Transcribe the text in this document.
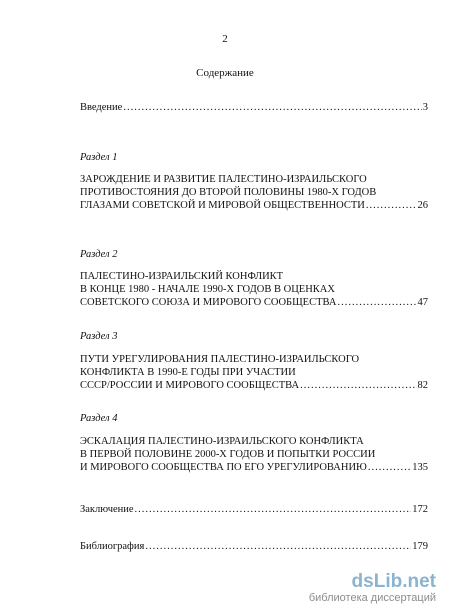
2
Содержание
Введение .....	3
Раздел 1
ЗАРОЖДЕНИЕ И РАЗВИТИЕ ПАЛЕСТИНО-ИЗРАИЛЬСКОГО
ПРОТИВОСТОЯНИЯ ДО ВТОРОЙ ПОЛОВИНЫ 1980-Х ГОДОВ
ГЛАЗАМИ СОВЕТСКОЙ И МИРОВОЙ ОБЩЕСТВЕННОСТИ .....	26
Раздел 2
ПАЛЕСТИНО-ИЗРАИЛЬСКИЙ КОНФЛИКТ
В КОНЦЕ 1980 - НАЧАЛЕ 1990-Х ГОДОВ В ОЦЕНКАХ
СОВЕТСКОГО СОЮЗА И МИРОВОГО СООБЩЕСТВА .....	47
Раздел 3
ПУТИ УРЕГУЛИРОВАНИЯ ПАЛЕСТИНО-ИЗРАИЛЬСКОГО
КОНФЛИКТА В 1990-Е ГОДЫ ПРИ УЧАСТИИ
СССР/РОССИИ И МИРОВОГО СООБЩЕСТВА .....	82
Раздел 4
ЭСКАЛАЦИЯ ПАЛЕСТИНО-ИЗРАИЛЬСКОГО КОНФЛИКТА
В ПЕРВОЙ ПОЛОВИНЕ 2000-Х ГОДОВ И ПОПЫТКИ РОССИИ
И МИРОВОГО СООБЩЕСТВА ПО ЕГО УРЕГУЛИРОВАНИЮ .....	135
Заключение .....	172
Библиография .....	179
dsLib.net
библиотека диссертаций
